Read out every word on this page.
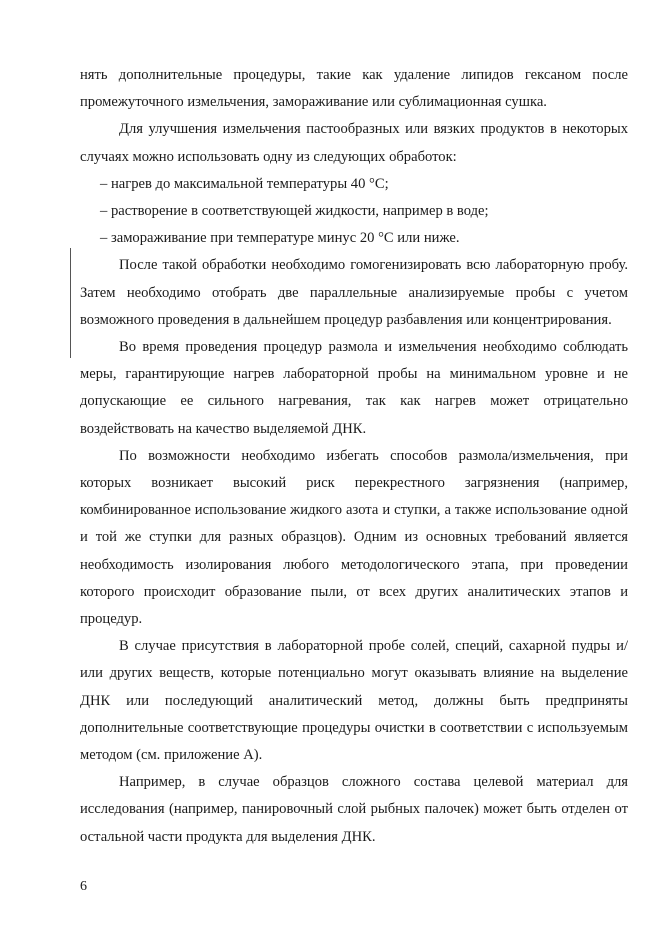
нять дополнительные процедуры, такие как удаление липидов гексаном после промежуточного измельчения, замораживание или сублимационная сушка.

Для улучшения измельчения пастообразных или вязких продуктов в некоторых случаях можно использовать одну из следующих обработок:

– нагрев до максимальной температуры 40 °С;

– растворение в соответствующей жидкости, например в воде;

– замораживание при температуре минус 20 °С или ниже.

После такой обработки необходимо гомогенизировать всю лабораторную пробу. Затем необходимо отобрать две параллельные анализируемые пробы с учетом возможного проведения в дальнейшем процедур разбавления или концентрирования.

Во время проведения процедур размола и измельчения необходимо соблюдать меры, гарантирующие нагрев лабораторной пробы на минимальном уровне и не допускающие ее сильного нагревания, так как нагрев может отрицательно воздействовать на качество выделяемой ДНК.

По возможности необходимо избегать способов размола/измельчения, при которых возникает высокий риск перекрестного загрязнения (например, комбинированное использование жидкого азота и ступки, а также использование одной и той же ступки для разных образцов). Одним из основных требований является необходимость изолирования любого методологического этапа, при проведении которого происходит образование пыли, от всех других аналитических этапов и процедур.

В случае присутствия в лабораторной пробе солей, специй, сахарной пудры и/или других веществ, которые потенциально могут оказывать влияние на выделение ДНК или последующий аналитический метод, должны быть предприняты дополнительные соответствующие процедуры очистки в соответствии с используемым методом (см. приложение А).

Например, в случае образцов сложного состава целевой материал для исследования (например, панировочный слой рыбных палочек) может быть отделен от остальной части продукта для выделения ДНК.

6
